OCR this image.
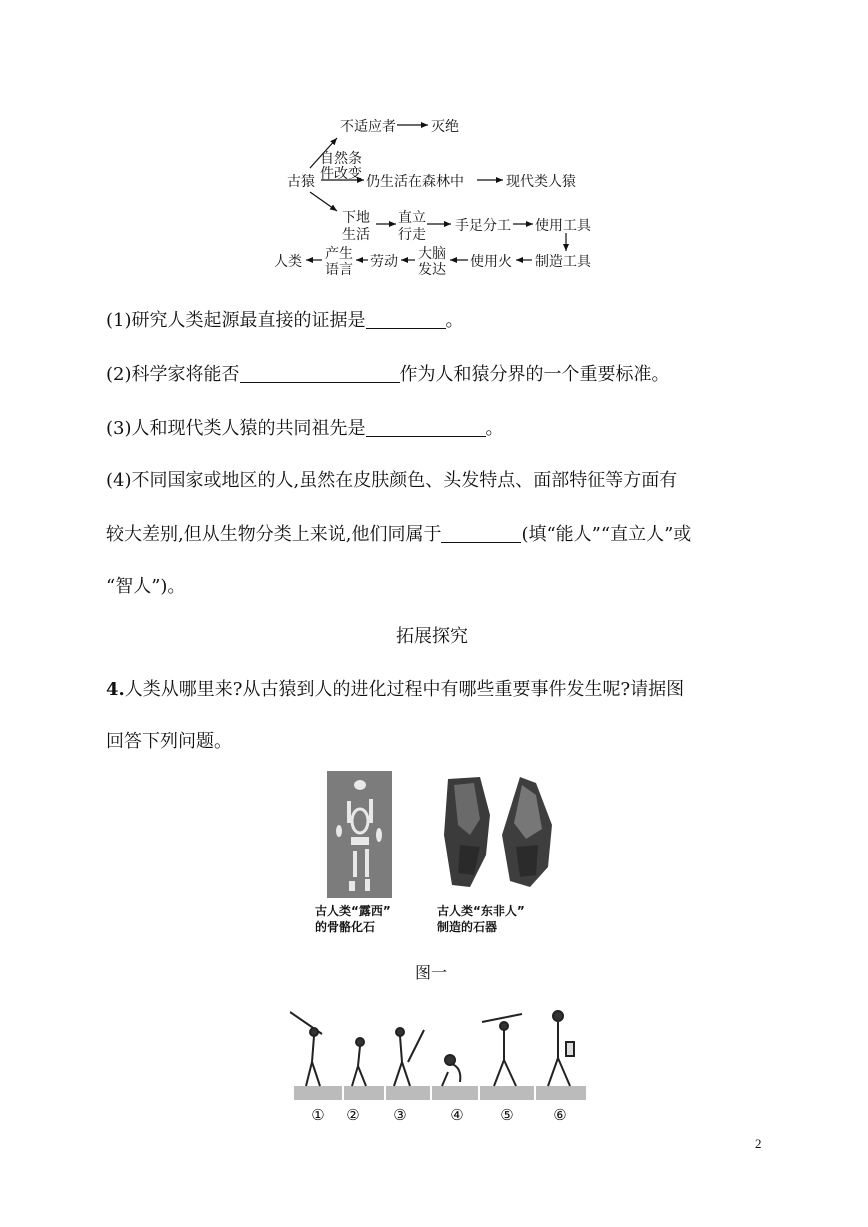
不适应者	灭绝
自然条
件改变
古猿	仍生活在森林中	现代类人猿
下地
生活
直立
行走
手足分工 使用工具
制造工具
使用火
大脑
发达
劳动
产生
语言
人类
(1)研究人类起源最直接的证据是	。
(2)科学家将能否	作为人和猿分界的一个重要标准。
(3)人和现代类人猿的共同祖先是	。
(4)不同国家或地区的人,虽然在皮肤颜色、头发特点、面部特征等方面有
较大差别,但从生物分类上来说,他们同属于	(填“能人”“直立人”或
“智人”)。
拓展探究
4.人类从哪里来?从古猿到人的进化过程中有哪些重要事件发生呢?请据图
回答下列问题。
古人类“露西”
的骨骼化石
古人类“东非人”
制造的石器
图一
①	②	③	④	⑤	⑥
2
